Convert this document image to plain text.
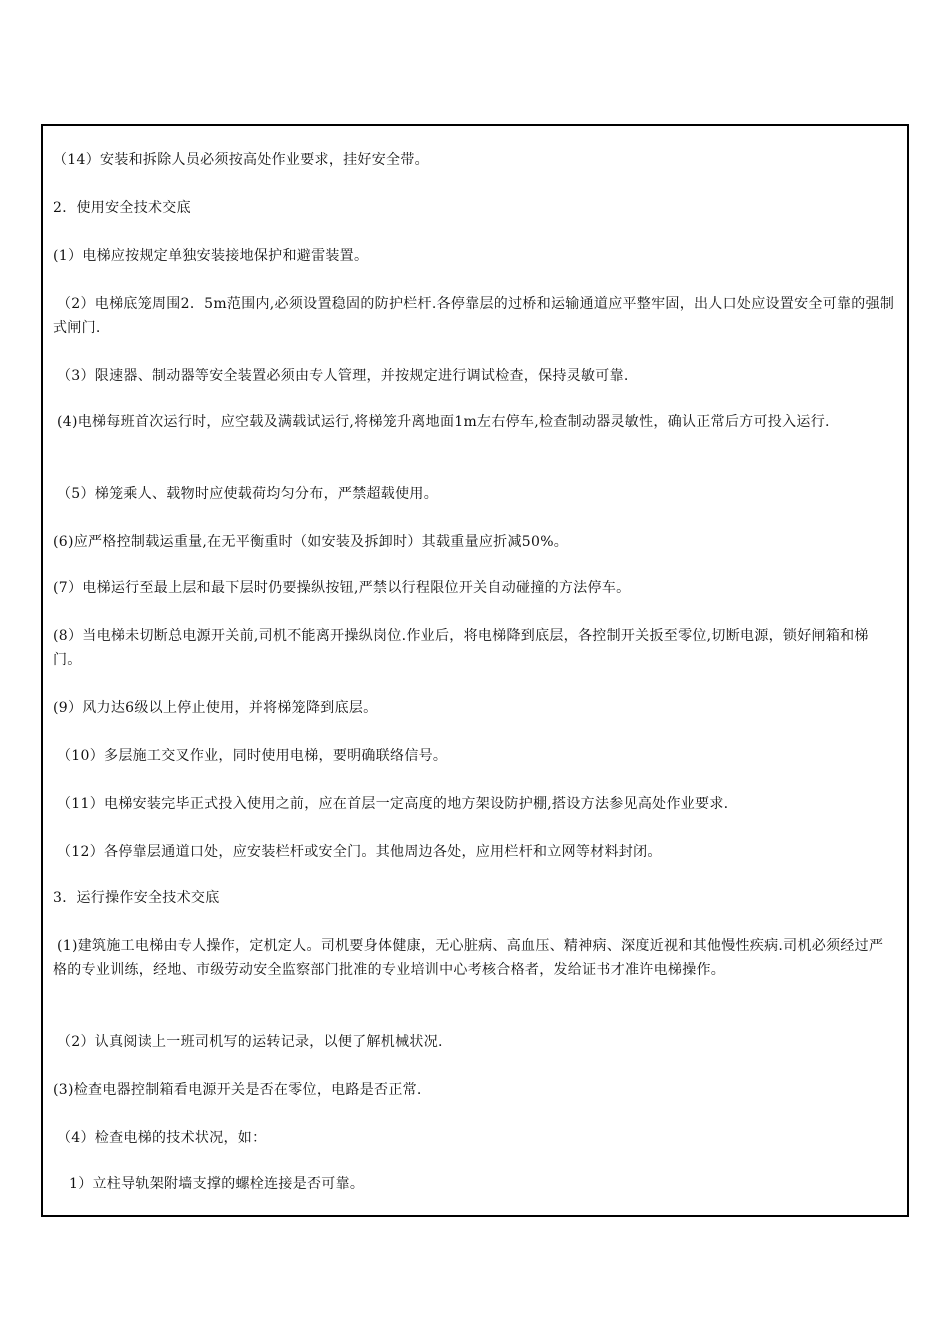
（14）安装和拆除人员必须按高处作业要求，挂好安全带。

2．使用安全技术交底

(1）电梯应按规定单独安装接地保护和避雷装置。

（2）电梯底笼周围2．5m范围内,必须设置稳固的防护栏杆.各停靠层的过桥和运输通道应平整牢固，出人口处应设置安全可靠的强制式闸门.

（3）限速器、制动器等安全装置必须由专人管理，并按规定进行调试检查，保持灵敏可靠.

(4)电梯每班首次运行时，应空载及满载试运行,将梯笼升离地面1m左右停车,检查制动器灵敏性，确认正常后方可投入运行.

（5）梯笼乘人、载物时应使载荷均匀分布，严禁超载使用。

(6)应严格控制载运重量,在无平衡重时（如安装及拆卸时）其载重量应折减50%。

(7）电梯运行至最上层和最下层时仍要操纵按钮,严禁以行程限位开关自动碰撞的方法停车。

(8）当电梯未切断总电源开关前,司机不能离开操纵岗位.作业后，将电梯降到底层，各控制开关扳至零位,切断电源，锁好闸箱和梯门。

(9）风力达6级以上停止使用，并将梯笼降到底层。

（10）多层施工交叉作业，同时使用电梯，要明确联络信号。

（11）电梯安装完毕正式投入使用之前，应在首层一定高度的地方架设防护棚,搭设方法参见高处作业要求.

（12）各停靠层通道口处，应安装栏杆或安全门。其他周边各处，应用栏杆和立网等材料封闭。

3．运行操作安全技术交底

(1)建筑施工电梯由专人操作，定机定人。司机要身体健康，无心脏病、高血压、精神病、深度近视和其他慢性疾病.司机必须经过严格的专业训练，经地、市级劳动安全监察部门批准的专业培训中心考核合格者，发给证书才准许电梯操作。

（2）认真阅读上一班司机写的运转记录，以便了解机械状况.

(3)检查电器控制箱看电源开关是否在零位，电路是否正常.

（4）检查电梯的技术状况，如：

1）立柱导轨架附墙支撑的螺栓连接是否可靠。
